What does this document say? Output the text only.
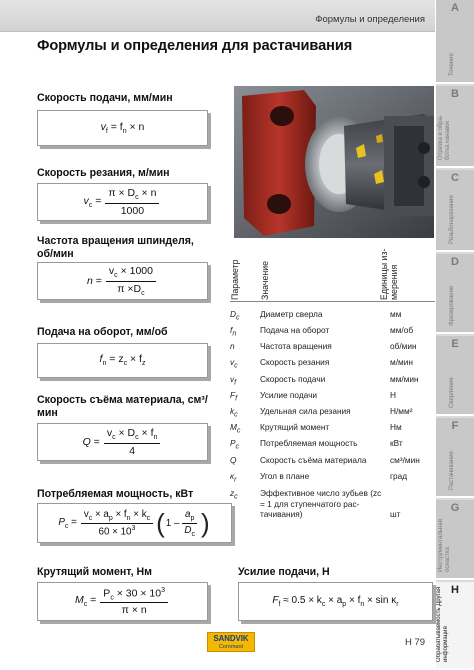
Формулы и определения
Формулы и определения для растачивания
Скорость подачи, мм/мин
$v_f = f_n \times n$
Скорость резания, м/мин
$v_c = \frac{\pi \times D_c \times n}{1000}$
Частота вращения шпинделя, об/мин
$n = \frac{v_c \times 1000}{\pi \times D_c}$
Подача на оборот, мм/об
$f_n = z_c \times f_z$
Скорость съёма материала, см³/мин
$Q = \frac{v_c \times D_c \times f_n}{4}$
Потребляемая мощность, кВт
$P_c = \frac{v_c \times a_p \times f_n \times k_c}{60 \times 10^3}$ ( $1 - \frac{a_p}{D_c}$ )
Крутящий момент, Нм
$M_c = \frac{P_c \times 30 \times 10^3}{\pi \times n}$
Усилие подачи, Н
$F_f \approx 0.5 \times k_c \times a_p \times f_n \times \sin \kappa_r$
Параметр Значение	Единицы из- мерения
$D_c$ Диаметр сверла	мм
$f_n$	Подача на оборот	мм/об
n	Частота вращения	об/мин
$v_c$	Скорость резания	м/мин
$v_f$	Скорость подачи	мм/мин
$F_f$	Усилие подачи	Н
$k_c$	Удельная сила резания	Н/мм²
$M_c$ Крутящий момент	Нм
$P_c$	Потребляемая мощность	кВт
Q	Скорость съёма материала	см³/мин
$\kappa_r$	Угол в плане	град
$z_c$	Эффективное число зубьев (zc = 1 для ступенчатого растачивания)	шт
A
Точение
B
Отрезка и обра- ботка канавок
C
Резьбонарезание
D
Фрезерование
E
Сверление
F
Растачивание
G
Инструментальная оснастка
H
Обрабатываемость Другая информация
SANDVIK
Coromant	H 79
